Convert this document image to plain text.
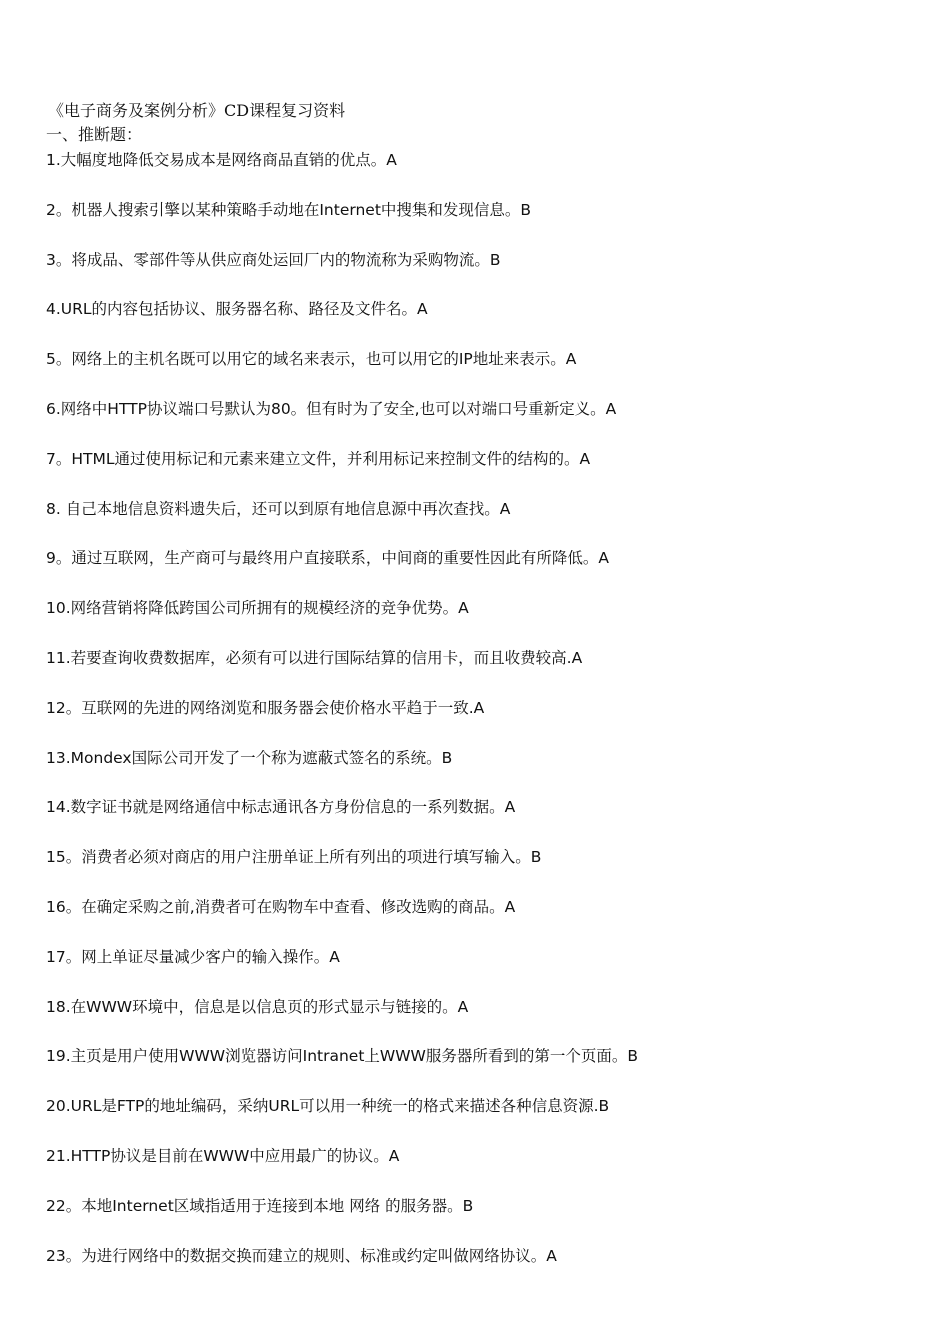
《电子商务及案例分析》CD课程复习资料
一、推断题：
1.大幅度地降低交易成本是网络商品直销的优点。A
2。机器人搜索引擎以某种策略手动地在Internet中搜集和发现信息。B
3。将成品、零部件等从供应商处运回厂内的物流称为采购物流。B
4.URL的内容包括协议、服务器名称、路径及文件名。A
5。网络上的主机名既可以用它的域名来表示，也可以用它的IP地址来表示。A
6.网络中HTTP协议端口号默认为80。但有时为了安全,也可以对端口号重新定义。A
7。HTML通过使用标记和元素来建立文件，并利用标记来控制文件的结构的。A
8. 自己本地信息资料遗失后，还可以到原有地信息源中再次查找。A
9。通过互联网，生产商可与最终用户直接联系，中间商的重要性因此有所降低。A
10.网络营销将降低跨国公司所拥有的规模经济的竞争优势。A
11.若要查询收费数据库，必须有可以进行国际结算的信用卡，而且收费较高.A
12。互联网的先进的网络浏览和服务器会使价格水平趋于一致.A
13.Mondex国际公司开发了一个称为遮蔽式签名的系统。B
14.数字证书就是网络通信中标志通讯各方身份信息的一系列数据。A
15。消费者必须对商店的用户注册单证上所有列出的项进行填写输入。B
16。在确定采购之前,消费者可在购物车中查看、修改选购的商品。A
17。网上单证尽量减少客户的输入操作。A
18.在WWW环境中，信息是以信息页的形式显示与链接的。A
19.主页是用户使用WWW浏览器访问Intranet上WWW服务器所看到的第一个页面。B
20.URL是FTP的地址编码，采纳URL可以用一种统一的格式来描述各种信息资源.B
21.HTTP协议是目前在WWW中应用最广的协议。A
22。本地Internet区域指适用于连接到本地 网络 的服务器。B
23。为进行网络中的数据交换而建立的规则、标准或约定叫做网络协议。A
